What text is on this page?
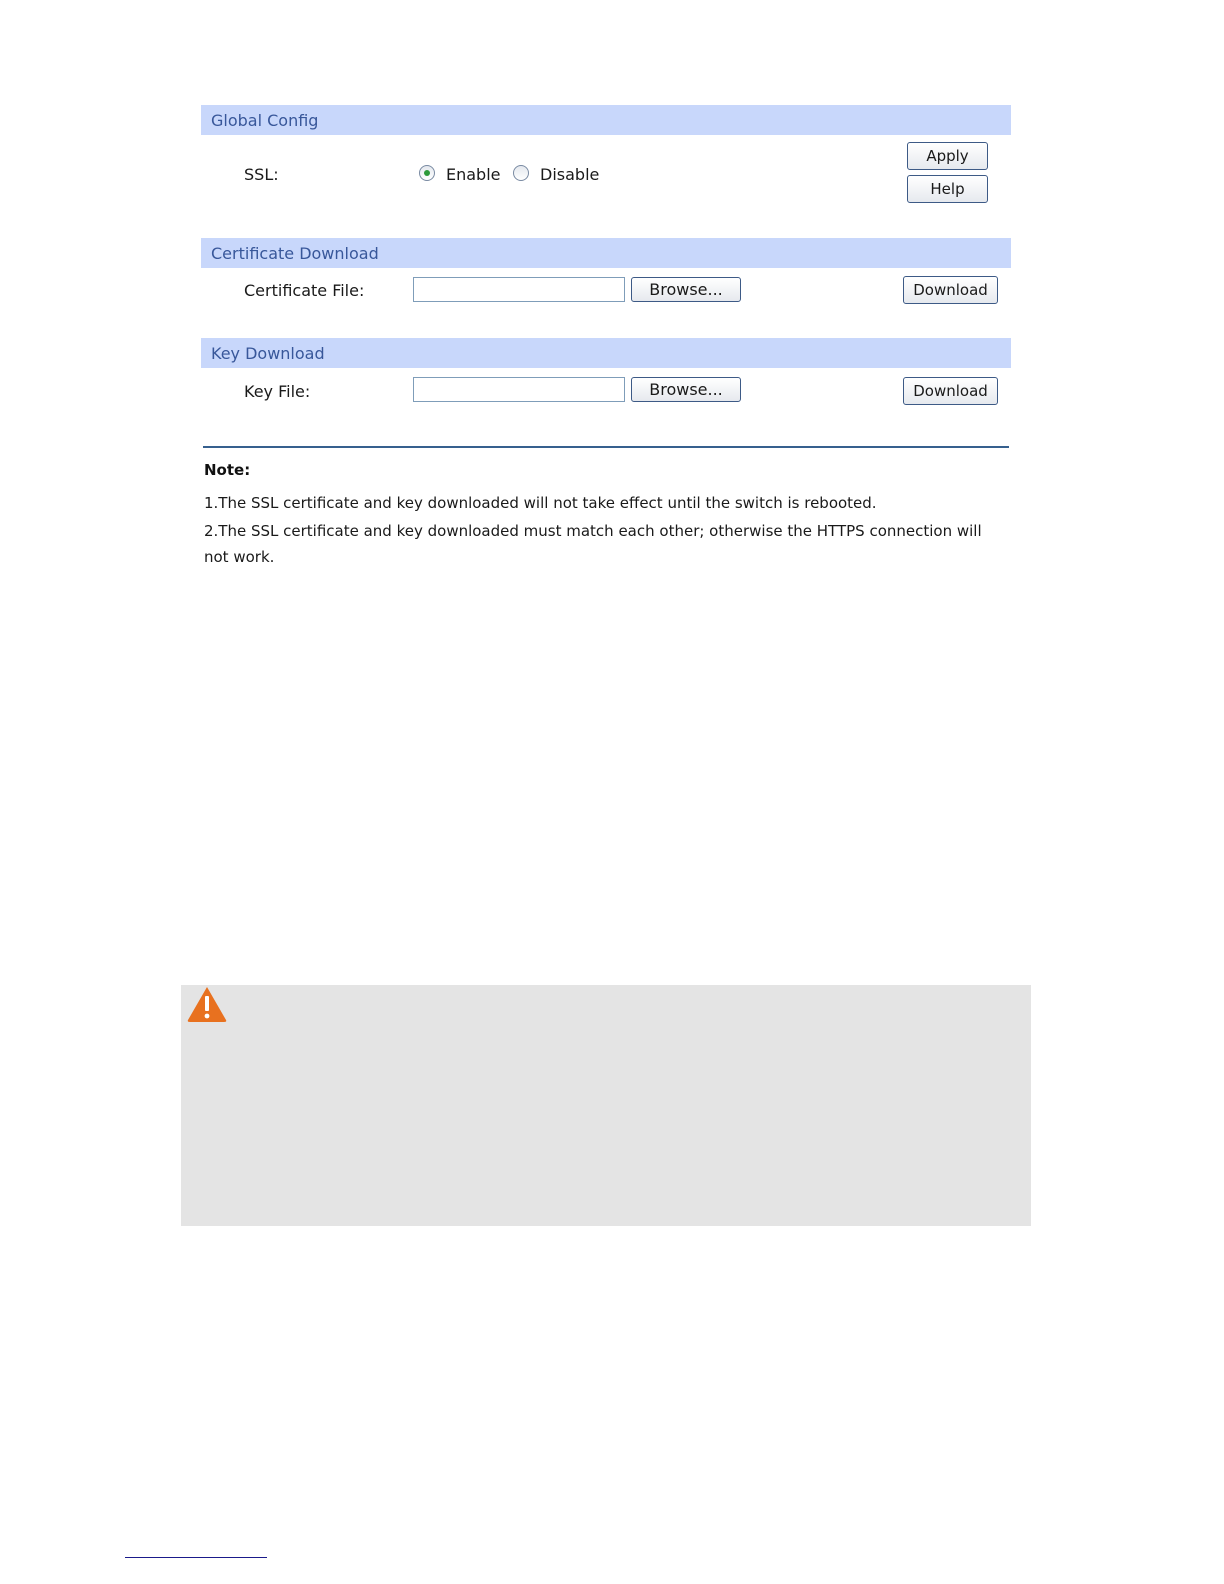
Global Config
SSL:	Enable Disable
Apply
Help
Certificate Download
Certificate File:	Browse...	Download
Key Download
Key File:	Browse...	Download
Note:
1.The SSL certificate and key downloaded will not take effect until the switch is rebooted.
2.The SSL certificate and key downloaded must match each other; otherwise the HTTPS connection will not work.
